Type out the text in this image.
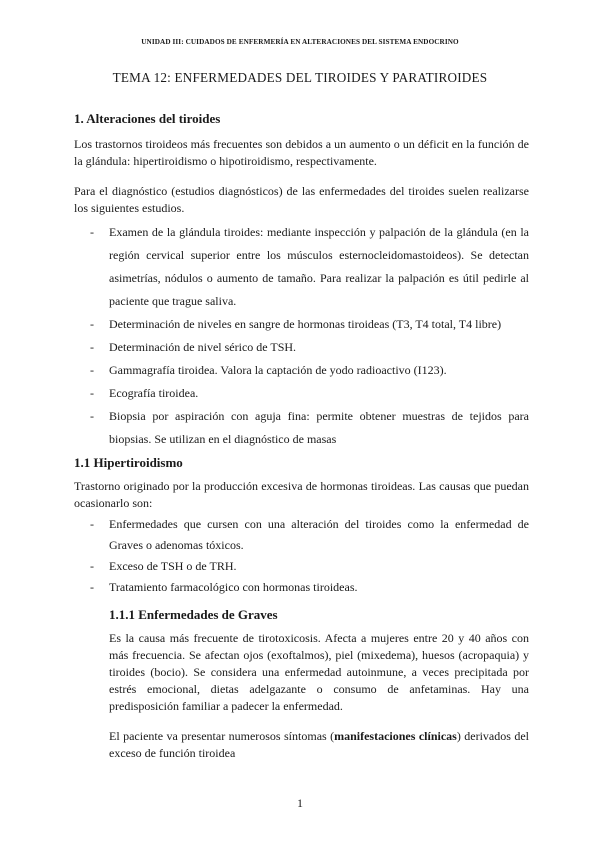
UNIDAD III: CUIDADOS DE ENFERMERÍA EN ALTERACIONES DEL SISTEMA ENDOCRINO
TEMA 12: ENFERMEDADES DEL TIROIDES Y PARATIROIDES
1. Alteraciones del tiroides

Los trastornos tiroideos más frecuentes son debidos a un aumento o un déficit en la función de la glándula: hipertiroidismo o hipotiroidismo, respectivamente.

Para el diagnóstico (estudios diagnósticos) de las enfermedades del tiroides suelen realizarse los siguientes estudios.

- Examen de la glándula tiroides: mediante inspección y palpación de la glándula (en la región cervical superior entre los músculos esternocleidomastoideos). Se detectan asimetrías, nódulos o aumento de tamaño. Para realizar la palpación es útil pedirle al paciente que trague saliva.
- Determinación de niveles en sangre de hormonas tiroideas (T3, T4 total, T4 libre)
- Determinación de nivel sérico de TSH.
- Gammagrafía tiroidea. Valora la captación de yodo radioactivo (I123).
- Ecografía tiroidea.
- Biopsia por aspiración con aguja fina: permite obtener muestras de tejidos para biopsias. Se utilizan en el diagnóstico de masas
1.1 Hipertiroidismo

Trastorno originado por la producción excesiva de hormonas tiroideas. Las causas que puedan ocasionarlo son:

- Enfermedades que cursen con una alteración del tiroides como la enfermedad de Graves o adenomas tóxicos.
- Exceso de TSH o de TRH.
- Tratamiento farmacológico con hormonas tiroideas.
1.1.1 Enfermedades de Graves

Es la causa más frecuente de tirotoxicosis. Afecta a mujeres entre 20 y 40 años con más frecuencia. Se afectan ojos (exoftalmos), piel (mixedema), huesos (acropaquia) y tiroides (bocio). Se considera una enfermedad autoinmune, a veces precipitada por estrés emocional, dietas adelgazante o consumo de anfetaminas. Hay una predisposición familiar a padecer la enfermedad.

El paciente va presentar numerosos síntomas (manifestaciones clínicas) derivados del exceso de función tiroidea

1
